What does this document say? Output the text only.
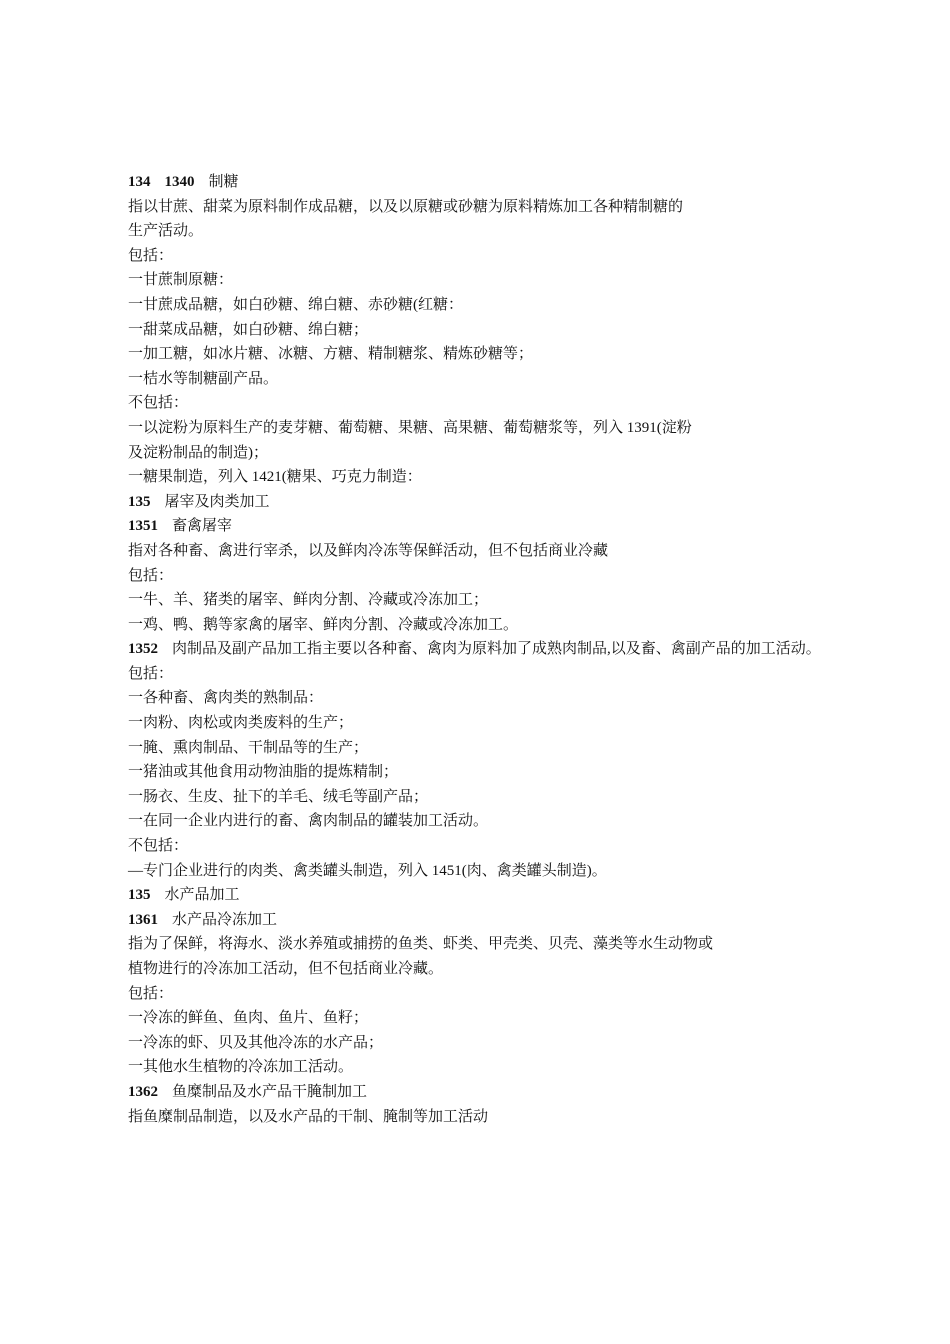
134 1340 制糖
指以甘蔗、甜菜为原料制作成品糖，以及以原糖或砂糖为原料精炼加工各种精制糖的
生产活动。
包括：
一甘蔗制原糖：
一甘蔗成品糖，如白砂糖、绵白糖、赤砂糖(红糖：
一甜菜成品糖，如白砂糖、绵白糖；
一加工糖，如冰片糖、冰糖、方糖、精制糖浆、精炼砂糖等；
一桔水等制糖副产品。
不包括：
一以淀粉为原料生产的麦芽糖、葡萄糖、果糖、高果糖、葡萄糖浆等，列入 1391(淀粉
及淀粉制品的制造)；
一糖果制造，列入 1421(糖果、巧克力制造：
135 屠宰及肉类加工
1351 畜禽屠宰
指对各种畜、禽进行宰杀，以及鲜肉冷冻等保鲜活动，但不包括商业冷藏
包括：
一牛、羊、猪类的屠宰、鲜肉分割、冷藏或冷冻加工；
一鸡、鸭、鹅等家禽的屠宰、鲜肉分割、冷藏或冷冻加工。
1352 肉制品及副产品加工指主要以各种畜、禽肉为原料加了成熟肉制品,以及畜、禽副产品的加工活动。
包括：
一各种畜、禽肉类的熟制品：
一肉粉、肉松或肉类废料的生产；
一腌、熏肉制品、干制品等的生产；
一猪油或其他食用动物油脂的提炼精制；
一肠衣、生皮、扯下的羊毛、绒毛等副产品；
一在同一企业内进行的畜、禽肉制品的罐装加工活动。
不包括：
—专门企业进行的肉类、禽类罐头制造，列入 1451(肉、禽类罐头制造)。
135 水产品加工
1361 水产品冷冻加工
指为了保鲜，将海水、淡水养殖或捕捞的鱼类、虾类、甲壳类、贝壳、藻类等水生动物或
植物进行的冷冻加工活动，但不包括商业冷藏。
包括：
一冷冻的鲜鱼、鱼肉、鱼片、鱼籽；
一冷冻的虾、贝及其他冷冻的水产品；
一其他水生植物的冷冻加工活动。
1362 鱼糜制品及水产品干腌制加工
指鱼糜制品制造，以及水产品的干制、腌制等加工活动
